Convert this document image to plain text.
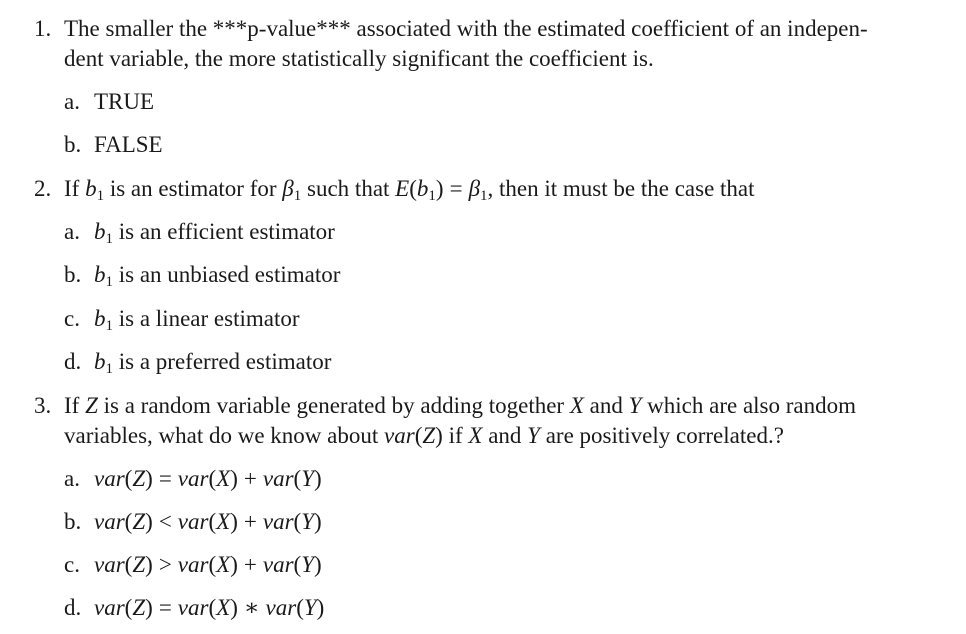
1. The smaller the ***p-value*** associated with the estimated coefficient of an indepen-
dent variable, the more statistically significant the coefficient is.
a. TRUE
b. FALSE
2. If $b_1$ is an estimator for $\beta_1$ such that $E(b_1) = \beta_1$, then it must be the case that
a. $b_1$ is an efficient estimator
b. $b_1$ is an unbiased estimator
c. $b_1$ is a linear estimator
d. $b_1$ is a preferred estimator
3. If Z is a random variable generated by adding together X and Y which are also random
variables, what do we know about var(Z) if X and Y are positively correlated.?
a. var(Z) = var(X) + var(Y)
b. var(Z) < var(X) + var(Y)
c. var(Z) > var(X) + var(Y)
d. var(Z) = var(X) ∗ var(Y)
